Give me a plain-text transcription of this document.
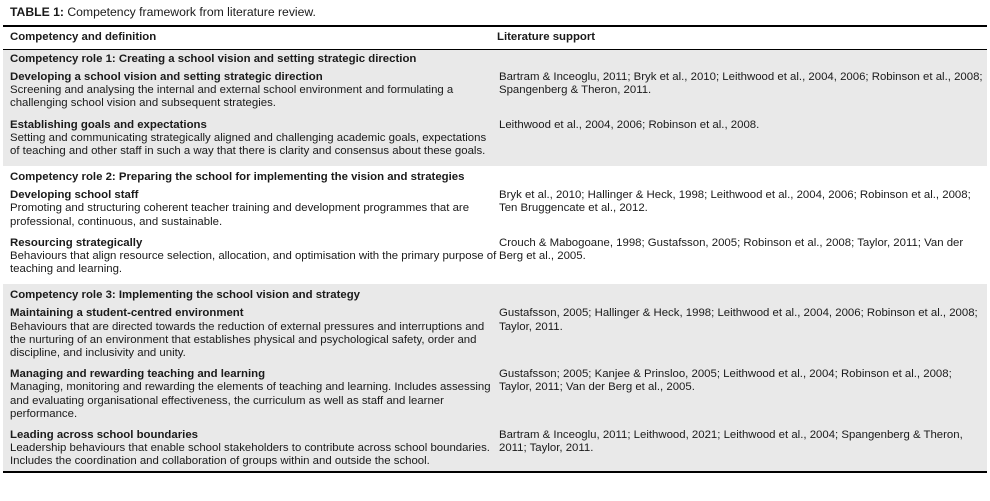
TABLE 1: Competency framework from literature review.
Competency and definition	Literature support
Competency role 1: Creating a school vision and setting strategic direction
Developing a school vision and setting strategic direction
Screening and analysing the internal and external school environment and formulating a challenging school vision and subsequent strategies.
Bartram & Inceoglu, 2011; Bryk et al., 2010; Leithwood et al., 2004, 2006; Robinson et al., 2008; Spangenberg & Theron, 2011.
Establishing goals and expectations
Setting and communicating strategically aligned and challenging academic goals, expectations of teaching and other staff in such a way that there is clarity and consensus about these goals.
Leithwood et al., 2004, 2006; Robinson et al., 2008.
Competency role 2: Preparing the school for implementing the vision and strategies
Developing school staff
Promoting and structuring coherent teacher training and development programmes that are professional, continuous, and sustainable.
Bryk et al., 2010; Hallinger & Heck, 1998; Leithwood et al., 2004, 2006; Robinson et al., 2008; Ten Bruggencate et al., 2012.
Resourcing strategically
Behaviours that align resource selection, allocation, and optimisation with the primary purpose of teaching and learning.
Crouch & Mabogoane, 1998; Gustafsson, 2005; Robinson et al., 2008; Taylor, 2011; Van der Berg et al., 2005.
Competency role 3: Implementing the school vision and strategy
Maintaining a student-centred environment
Behaviours that are directed towards the reduction of external pressures and interruptions and the nurturing of an environment that establishes physical and psychological safety, order and discipline, and inclusivity and unity.
Gustafsson, 2005; Hallinger & Heck, 1998; Leithwood et al., 2004, 2006; Robinson et al., 2008; Taylor, 2011.
Managing and rewarding teaching and learning
Managing, monitoring and rewarding the elements of teaching and learning. Includes assessing and evaluating organisational effectiveness, the curriculum as well as staff and learner performance.
Gustafsson; 2005; Kanjee & Prinsloo, 2005; Leithwood et al., 2004; Robinson et al., 2008; Taylor, 2011; Van der Berg et al., 2005.
Leading across school boundaries
Leadership behaviours that enable school stakeholders to contribute across school boundaries. Includes the coordination and collaboration of groups within and outside the school.
Bartram & Inceoglu, 2011; Leithwood, 2021; Leithwood et al., 2004; Spangenberg & Theron, 2011; Taylor, 2011.
